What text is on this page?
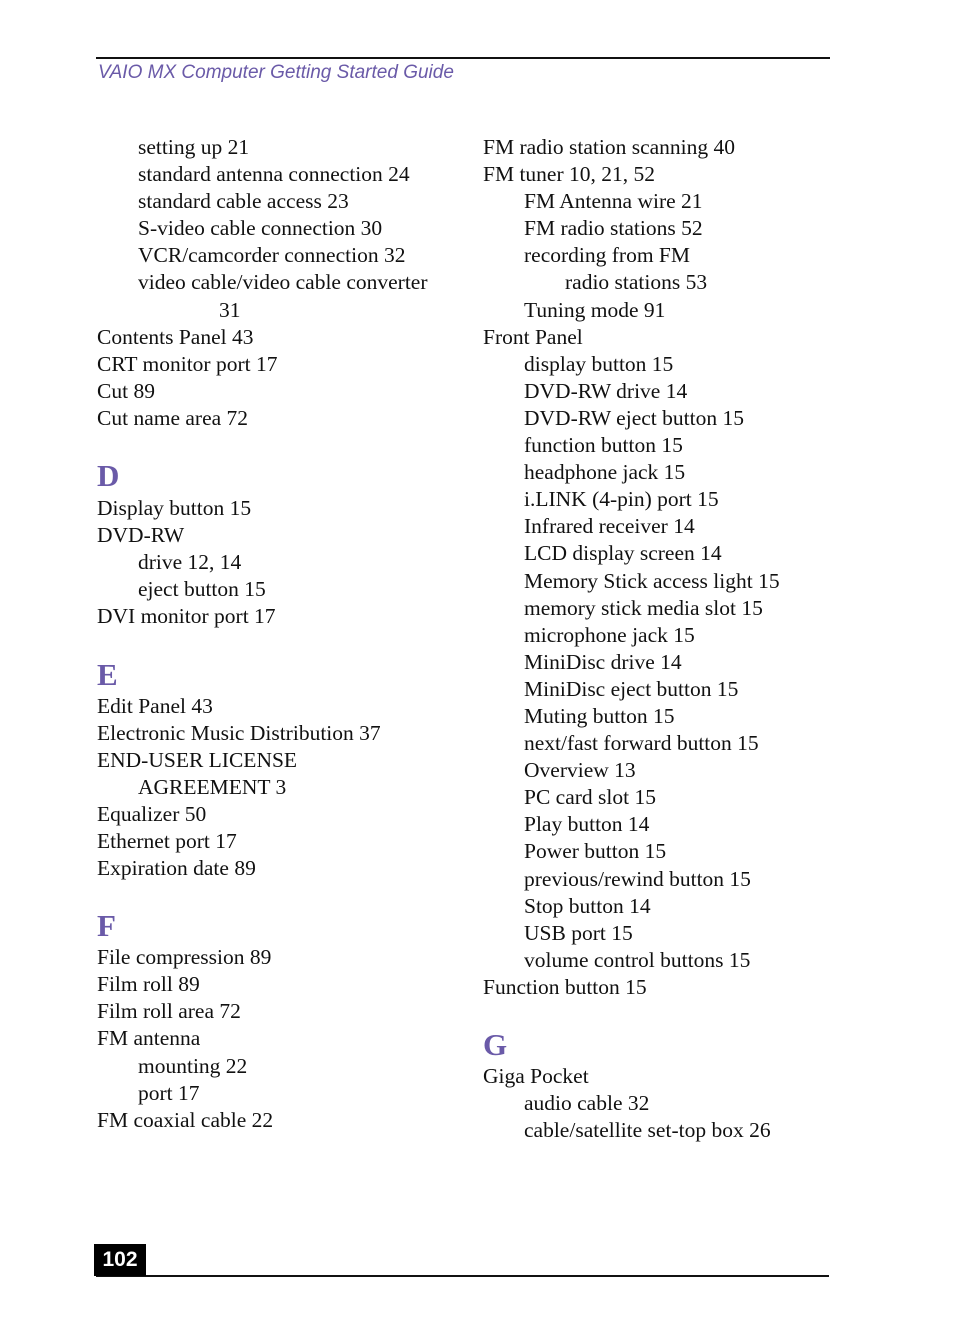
VAIO MX Computer Getting Started Guide
setting up 21
standard antenna connection 24
standard cable access 23
S-video cable connection 30
VCR/camcorder connection 32
video cable/video cable converter
31
Contents Panel 43
CRT monitor port 17
Cut 89
Cut name area 72
D
Display button 15
DVD-RW
drive 12, 14
eject button 15
DVI monitor port 17
E
Edit Panel 43
Electronic Music Distribution 37
END-USER LICENSE
AGREEMENT 3
Equalizer 50
Ethernet port 17
Expiration date 89
F
File compression 89
Film roll 89
Film roll area 72
FM antenna
mounting 22
port 17
FM coaxial cable 22
FM radio station scanning 40
FM tuner 10, 21, 52
FM Antenna wire 21
FM radio stations 52
recording from FM
radio stations 53
Tuning mode 91
Front Panel
display button 15
DVD-RW drive 14
DVD-RW eject button 15
function button 15
headphone jack 15
i.LINK (4-pin) port 15
Infrared receiver 14
LCD display screen 14
Memory Stick access light 15
memory stick media slot 15
microphone jack 15
MiniDisc drive 14
MiniDisc eject button 15
Muting button 15
next/fast forward button 15
Overview 13
PC card slot 15
Play button 14
Power button 15
previous/rewind button 15
Stop button 14
USB port 15
volume control buttons 15
Function button 15
G
Giga Pocket
audio cable 32
cable/satellite set-top box 26
102
